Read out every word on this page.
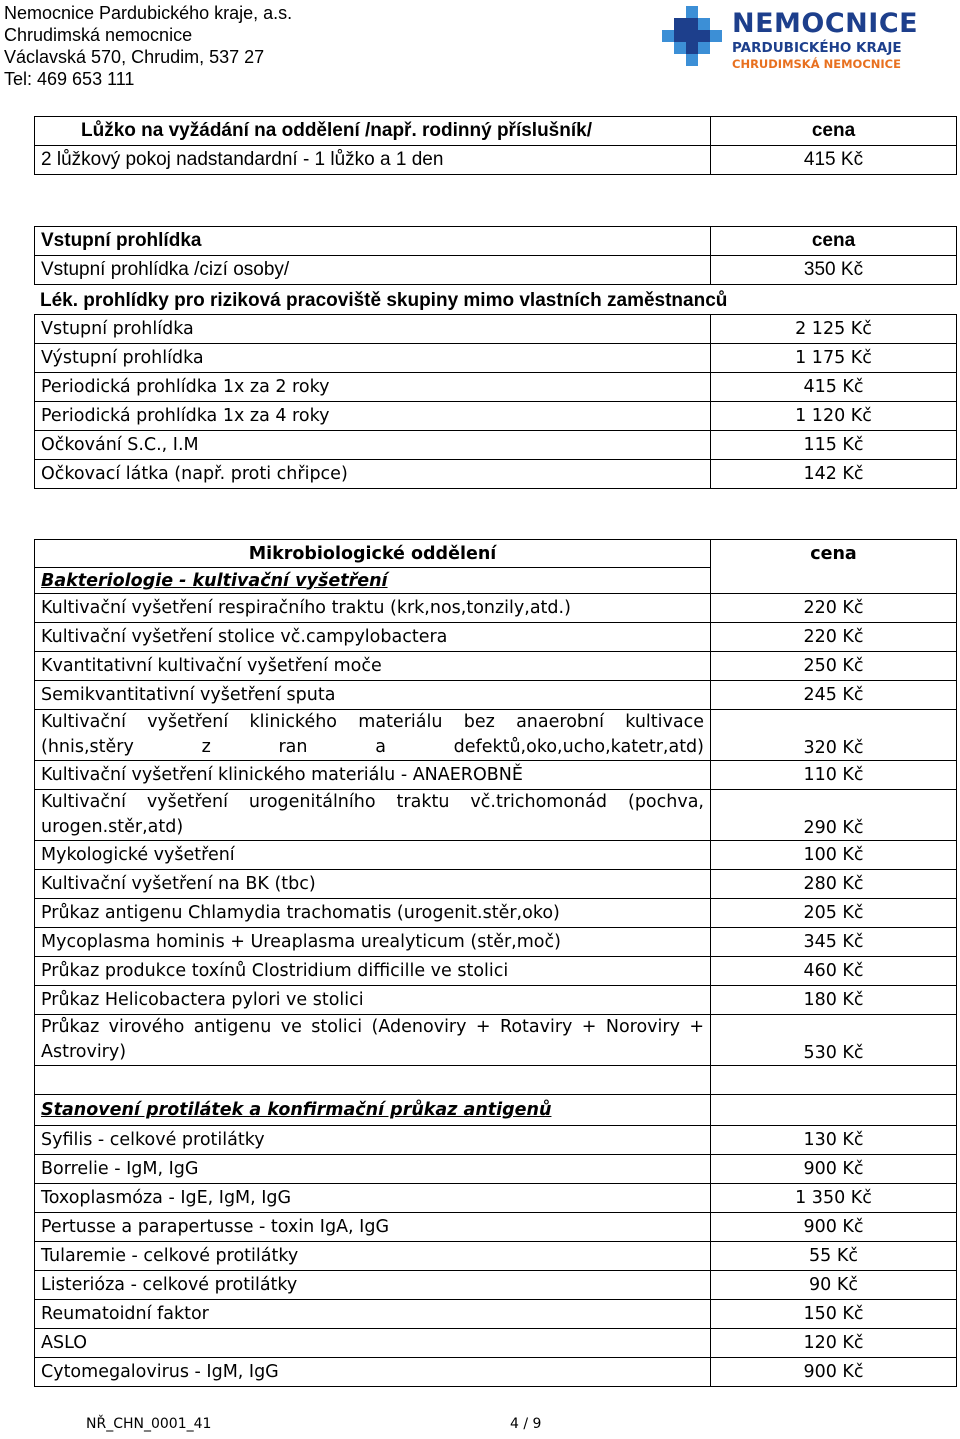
Nemocnice Pardubického kraje, a.s.
Chrudimská nemocnice
Václavská 570, Chrudim, 537 27
Tel: 469 653 111
NEMOCNICE
PARDUBICKÉHO KRAJE
CHRUDIMSKÁ NEMOCNICE
Lůžko na vyžádání na oddělení /např. rodinný příslušník/	cena
2 lůžkový pokoj nadstandardní - 1 lůžko a 1 den	415 Kč
Vstupní prohlídka	cena
Vstupní prohlídka /cizí osoby/	350 Kč
Lék. prohlídky pro riziková pracoviště skupiny mimo vlastních zaměstnanců
Vstupní prohlídka	2 125 Kč
Výstupní prohlídka	1 175 Kč
Periodická prohlídka 1x za 2 roky	415 Kč
Periodická prohlídka 1x za 4 roky	1 120 Kč
Očkování S.C., I.M	115 Kč
Očkovací látka (např. proti chřipce)	142 Kč
Mikrobiologické oddělení	cena
Bakteriologie - kultivační vyšetření	
Kultivační vyšetření respiračního traktu (krk,nos,tonzily,atd.)	220 Kč
Kultivační vyšetření stolice vč.campylobactera	220 Kč
Kvantitativní kultivační vyšetření moče	250 Kč
Semikvantitativní vyšetření sputa	245 Kč
Kultivační vyšetření klinického materiálu bez anaerobní kultivace (hnis,stěry z ran a defektů,oko,ucho,katetr,atd)	320 Kč
Kultivační vyšetření klinického materiálu - ANAEROBNĚ	110 Kč
Kultivační vyšetření urogenitálního traktu vč.trichomonád (pochva, urogen.stěr,atd)	290 Kč
Mykologické vyšetření	100 Kč
Kultivační vyšetření na BK (tbc)	280 Kč
Průkaz antigenu Chlamydia trachomatis (urogenit.stěr,oko)	205 Kč
Mycoplasma hominis + Ureaplasma urealyticum (stěr,moč)	345 Kč
Průkaz produkce toxínů Clostridium difficille ve stolici	460 Kč
Průkaz Helicobactera pylori ve stolici	180 Kč
Průkaz virového antigenu ve stolici (Adenoviry + Rotaviry + Noroviry + Astroviry)	530 Kč

Stanovení protilátek a konfirmační průkaz antigenů	
Syfilis - celkové protilátky	130 Kč
Borrelie - IgM, IgG	900 Kč
Toxoplasmóza - IgE, IgM, IgG	1 350 Kč
Pertusse a parapertusse - toxin IgA, IgG	900 Kč
Tularemie - celkové protilátky	55 Kč
Listerióza - celkové protilátky	90 Kč
Reumatoidní faktor	150 Kč
ASLO	120 Kč
Cytomegalovirus - IgM, IgG	900 Kč
NŘ_CHN_0001_41	4 / 9
